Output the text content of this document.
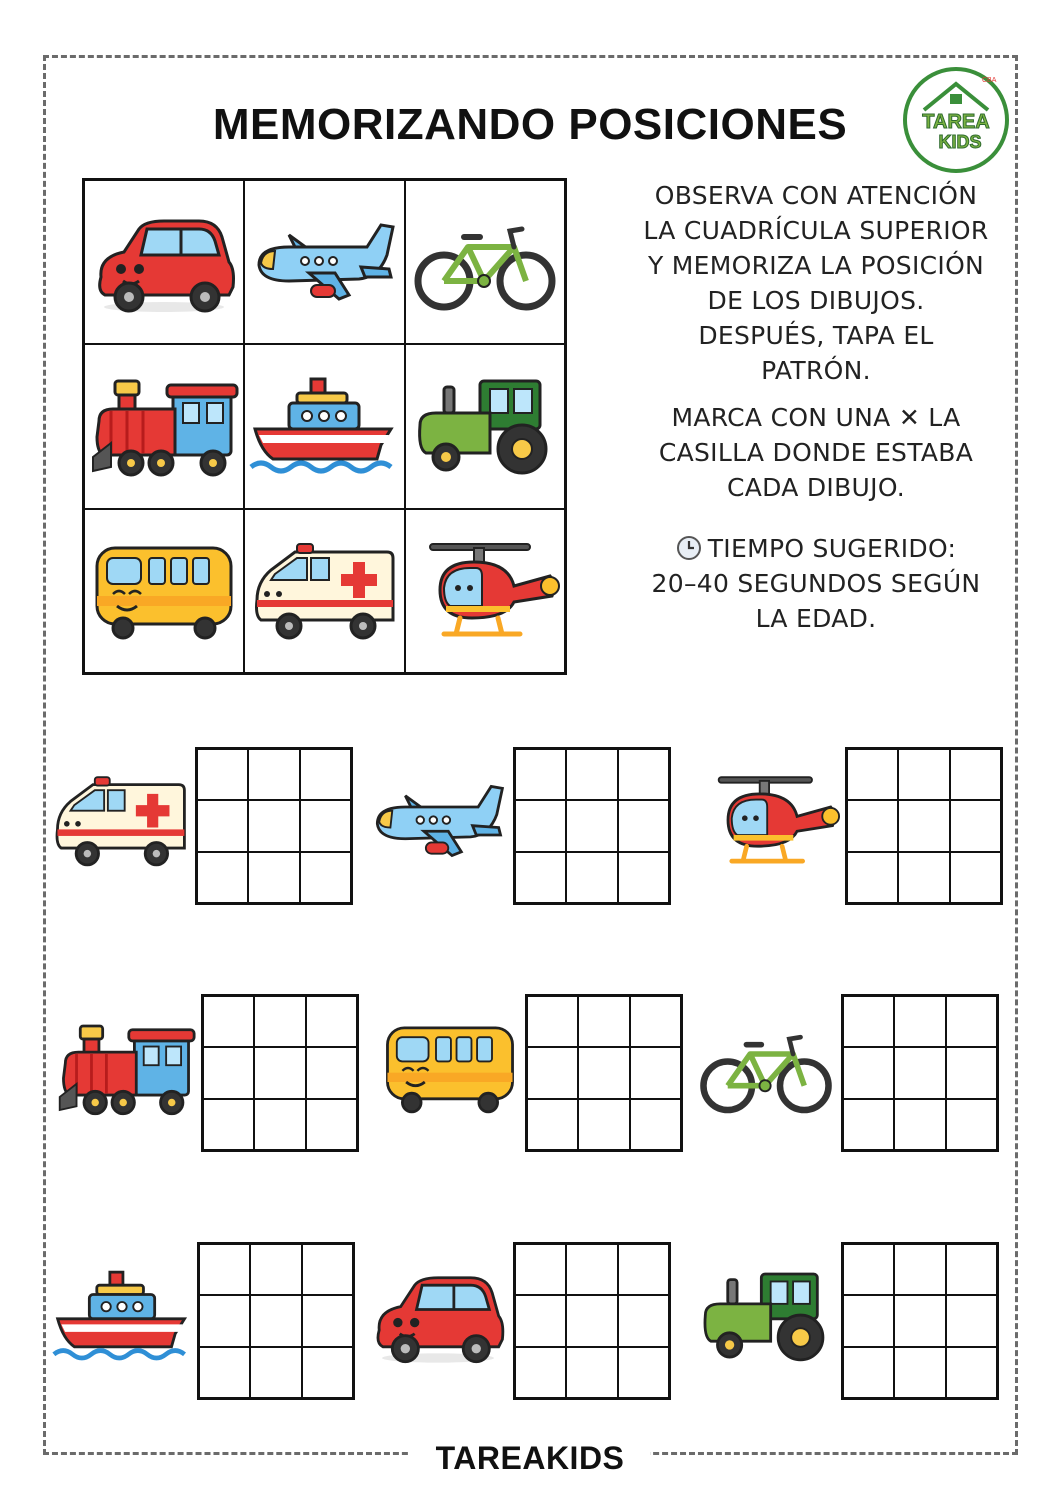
MEMORIZANDO POSICIONES	TAREA
KIDS
CBA

OBSERVA CON ATENCIÓN
LA CUADRÍCULA SUPERIOR
Y MEMORIZA LA POSICIÓN
DE LOS DIBUJOS.
DESPUÉS, TAPA EL
PATRÓN.

MARCA CON UNA ✕ LA
CASILLA DONDE ESTABA
CADA DIBUJO.

TIEMPO SUGERIDO:
20–40 SEGUNDOS SEGÚN
LA EDAD.

TAREAKIDS
